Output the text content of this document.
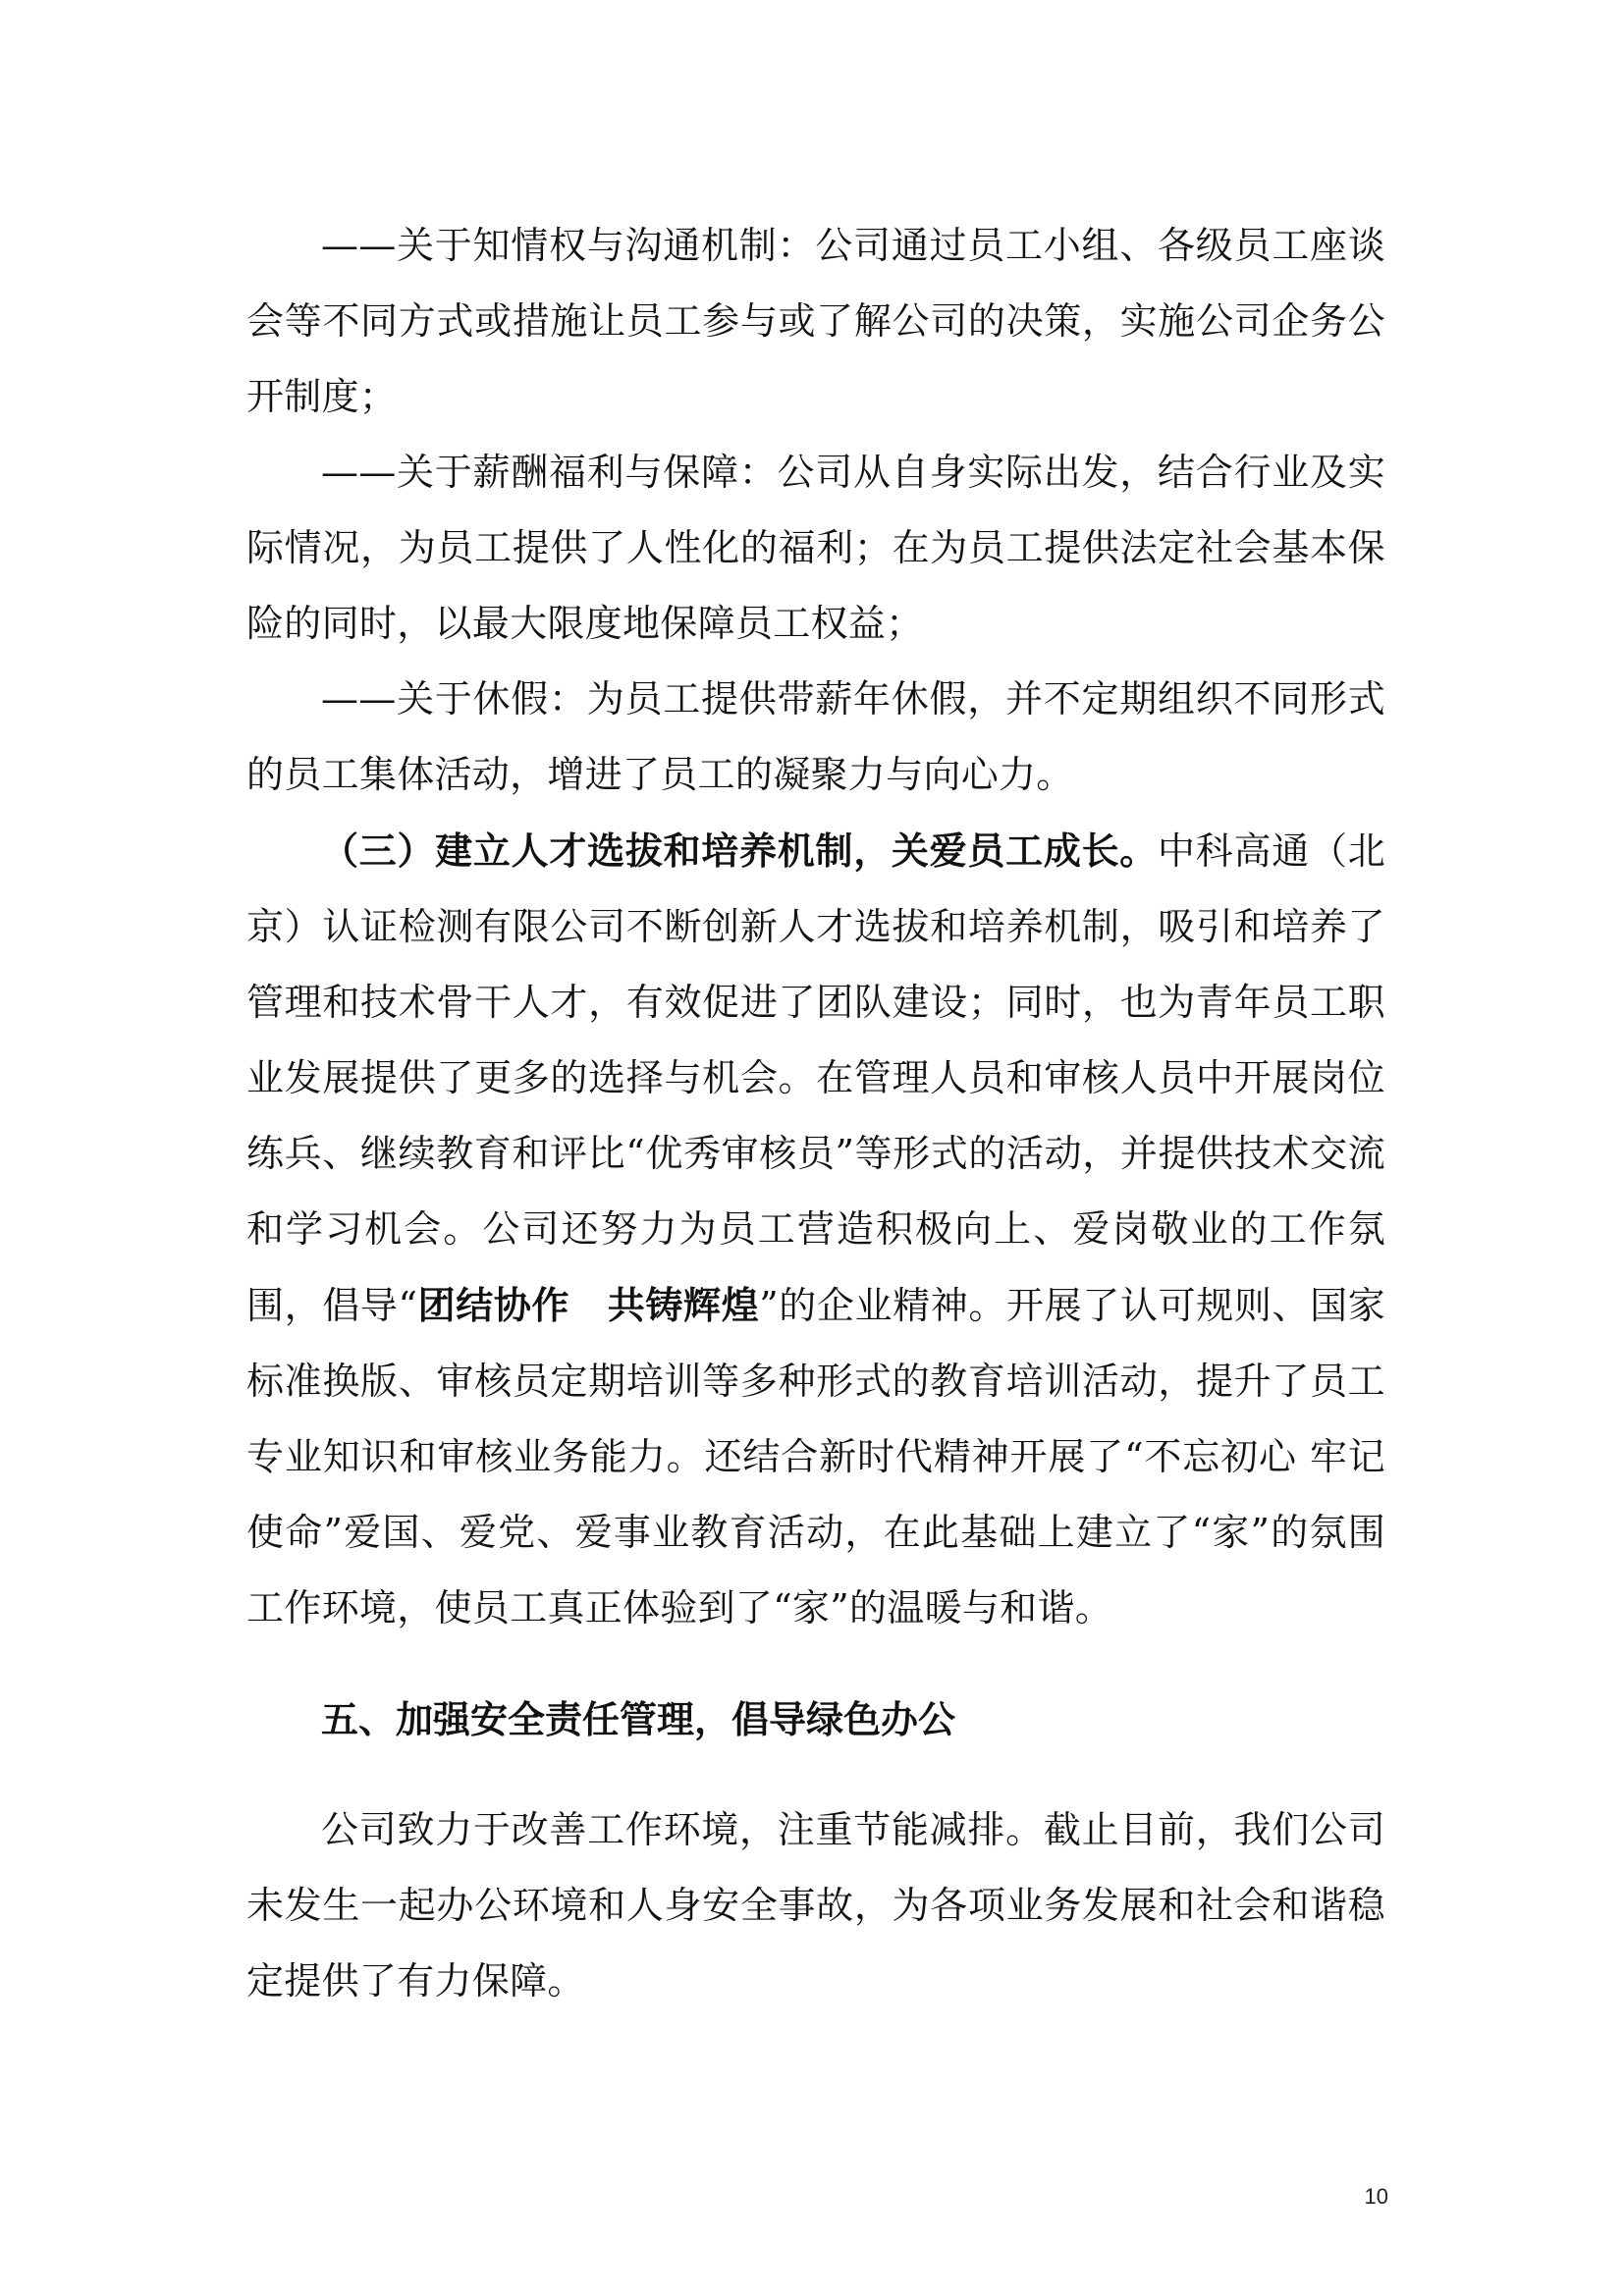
——关于知情权与沟通机制：公司通过员工小组、各级员工座谈会等不同方式或措施让员工参与或了解公司的决策，实施公司企务公开制度；

——关于薪酬福利与保障：公司从自身实际出发，结合行业及实际情况，为员工提供了人性化的福利；在为员工提供法定社会基本保险的同时，以最大限度地保障员工权益；

——关于休假：为员工提供带薪年休假，并不定期组织不同形式的员工集体活动，增进了员工的凝聚力与向心力。

（三）建立人才选拔和培养机制，关爱员工成长。中科高通（北京）认证检测有限公司不断创新人才选拔和培养机制，吸引和培养了管理和技术骨干人才，有效促进了团队建设；同时，也为青年员工职业发展提供了更多的选择与机会。在管理人员和审核人员中开展岗位练兵、继续教育和评比“优秀审核员”等形式的活动，并提供技术交流和学习机会。公司还努力为员工营造积极向上、爱岗敬业的工作氛围，倡导“团结协作　共铸辉煌”的企业精神。开展了认可规则、国家标准换版、审核员定期培训等多种形式的教育培训活动，提升了员工专业知识和审核业务能力。还结合新时代精神开展了“不忘初心 牢记使命”爱国、爱党、爱事业教育活动，在此基础上建立了“家”的氛围工作环境，使员工真正体验到了“家”的温暖与和谐。

五、加强安全责任管理，倡导绿色办公

公司致力于改善工作环境，注重节能减排。截止目前，我们公司未发生一起办公环境和人身安全事故，为各项业务发展和社会和谐稳定提供了有力保障。

10
